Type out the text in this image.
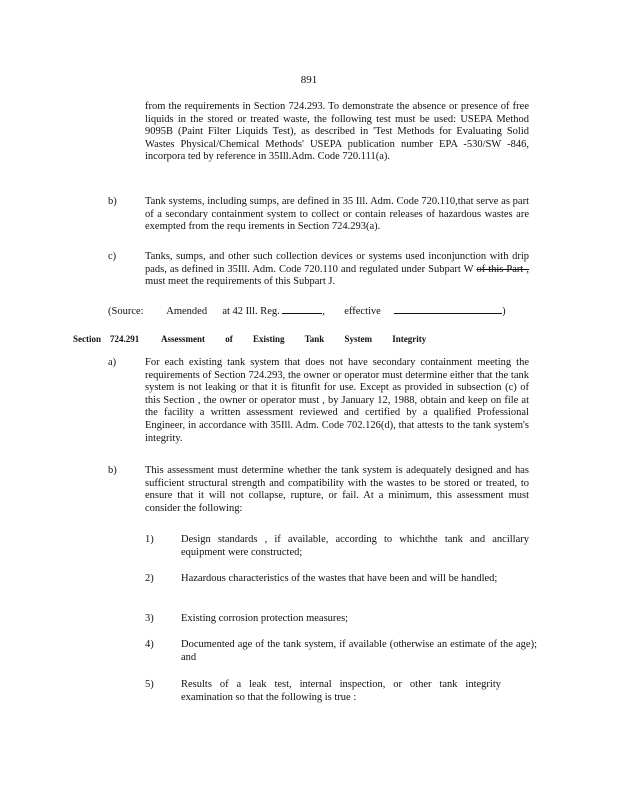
891

from the requirements in Section 724.293. To demonstrate the absence or presence of free liquids in the stored or treated waste, the following test must be used: USEPA Method 9095B (Paint Filter Liquids Test), as described in 'Test Methods for Evaluating Solid Wastes Physical/Chemical Methods' USEPA publication number EPA -530/SW -846, incorpora ted by reference in 35Ill.Adm. Code 720.111(a).

b)	Tank systems, including sumps, are defined in 35 Ill. Adm. Code 720.110,that serve as part of a secondary containment system to collect or contain releases of hazardous wastes are exempted from the requ irements in Section 724.293(a).

c)	Tanks, sumps, and other such collection devices or systems used inconjunction with drip pads, as defined in 35Ill. Adm. Code 720.110 and regulated under Subpart W of this Part , must meet the requirements of this Subpart J.

(Source: Amended at 42 Ill. Reg.	, effective	)
Section 724.291 Assessment of Existing Tank System Integrity
a)	For each existing tank system that does not have secondary containment meeting the requirements of Section 724.293, the owner or operator must determine either that the tank system is not leaking or that it is fitunfit for use. Except as provided in subsection (c) of this Section , the owner or operator must , by January 12, 1988, obtain and keep on file at the facility a written assessment reviewed and certified by a qualified Professional Engineer, in accordance with 35Ill. Adm. Code 702.126(d), that attests to the tank system's integrity.

b)	This assessment must determine whether the tank system is adequately designed and has sufficient structural strength and compatibility with the wastes to be stored or treated, to ensure that it will not collapse, rupture, or fail. At a minimum, this assessment must consider the following:

1)	Design standards , if available, according to whichthe tank and ancillary equipment were constructed;

2)	Hazardous characteristics of the wastes that have been and will be handled;

3)	Existing corrosion protection measures;

4)	Documented age of the tank system, if available (otherwise an estimate of the age); and

5)	Results of a leak test, internal inspection, or other tank integrity examination so that the following is true :
